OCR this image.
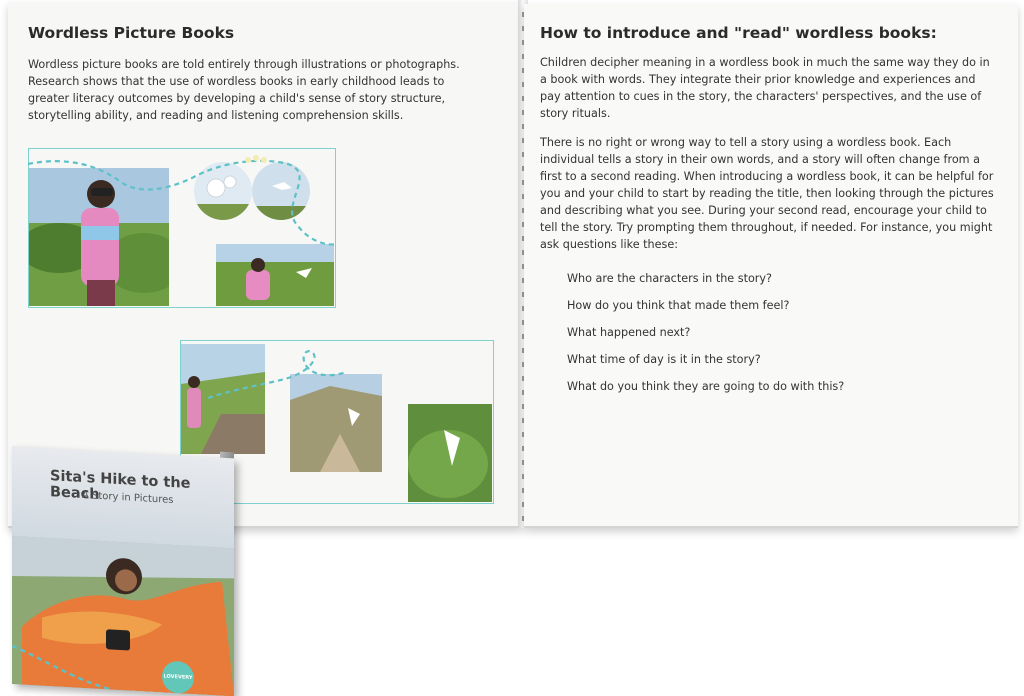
Wordless Picture Books

Wordless picture books are told entirely through illustrations or photographs. Research shows that the use of wordless books in early childhood leads to greater literacy outcomes by developing a child's sense of story structure, storytelling ability, and reading and listening comprehension skills.

How to introduce and "read" wordless books:

Children decipher meaning in a wordless book in much the same way they do in a book with words. They integrate their prior knowledge and experiences and pay attention to cues in the story, the characters' perspectives, and the use of story rituals.

There is no right or wrong way to tell a story using a wordless book. Each individual tells a story in their own words, and a story will often change from a first to a second reading. When introducing a wordless book, it can be helpful for you and your child to start by reading the title, then looking through the pictures and describing what you see. During your second read, encourage your child to tell the story. Try prompting them throughout, if needed. For instance, you might ask questions like these:

Who are the characters in the story?
How do you think that made them feel?
What happened next?
What time of day is it in the story?
What do you think they are going to do with this?
Sita's Hike to the Beach
A Story in Pictures
LOVEVERY
